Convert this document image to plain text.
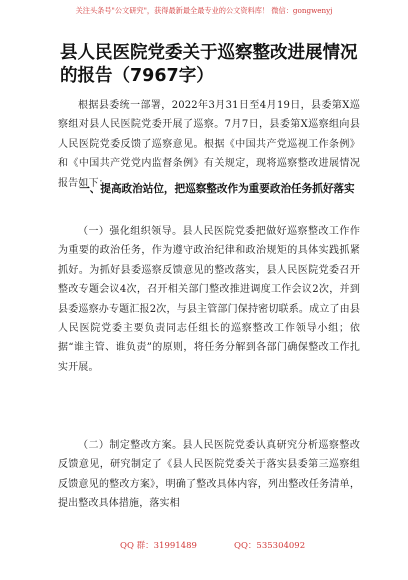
关注头条号"公文研究"，获得最新最全最专业的公文资料库！ 微信：gongwenyj
县人民医院党委关于巡察整改进展情况的报告（7967字）
根据县委统一部署，2022年3月31日至4月19日，县委第X巡察组对县人民医院党委开展了巡察。7月7日，县委第X巡察组向县人民医院党委反馈了巡察意见。根据《中国共产党巡视工作条例》和《中国共产党党内监督条例》有关规定，现将巡察整改进展情况报告如下：
一、提高政治站位，把巡察整改作为重要政治任务抓好落实
（一）强化组织领导。县人民医院党委把做好巡察整改工作作为重要的政治任务，作为遵守政治纪律和政治规矩的具体实践抓紧抓好。为抓好县委巡察反馈意见的整改落实，县人民医院党委召开整改专题会议4次，召开相关部门整改推进调度工作会议2次，并到县委巡察办专题汇报2次，与县主管部门保持密切联系。成立了由县人民医院党委主要负责同志任组长的巡察整改工作领导小组；依据“谁主管、谁负责”的原则，将任务分解到各部门确保整改工作扎实开展。
（二）制定整改方案。县人民医院党委认真研究分析巡察整改反馈意见，研究制定了《县人民医院党委关于落实县委第三巡察组反馈意见的整改方案》，明确了整改具体内容，列出整改任务清单，提出整改具体措施，落实相
QQ 群：31991489	QQ：535304092
